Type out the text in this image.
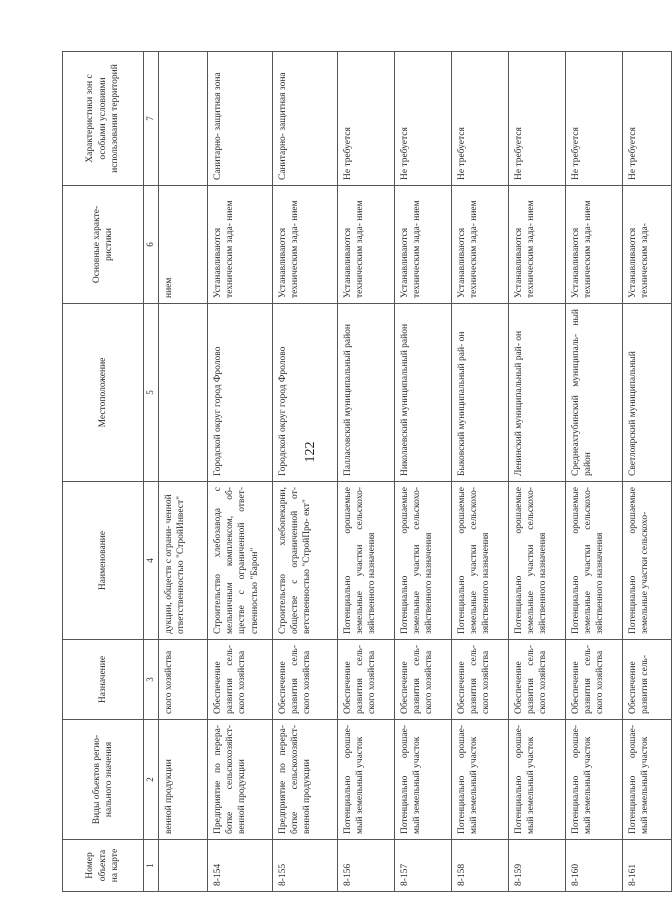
122
Номер объекта на карте	Виды объектов регио- нального значения	Назначение	Наименование	Местоположение	Основные характе- ристики	Характеристики зон с особыми условиями использования территорий
1	2	3	4	5	6	7
	венной продукции	ского хозяйства	дукции, обществ с ограни- ченной ответственностью "СтройИнвест"		нием	
8-154	Предприятие по перера- ботке сельскохозяйст- венной продукции	Обеспечение развития сель- ского хозяйства	Строительство хлебозавода с мельничным комплексом, об- ществе с ограниченной ответ- ственностью "Барон"	Городской округ город Фролово	Устанавливаются техническим зада- нием	Санитарно- защитная зона
8-155	Предприятие по перера- ботке сельскохозяйст- венной продукции	Обеспечение развития сель- ского хозяйства	Строительство хлебопекарни, обществе с ограниченной от- ветственностью "СтройПро- ект"	Городской округ город Фролово	Устанавливаются техническим зада- нием	Санитарно- защитная зона
8-156	Потенциально орошае- мый земельный участок	Обеспечение развития сель- ского хозяйства	Потенциально орошаемые земельные участки сельскохо- зяйственного назначения	Палласовский муниципальный район	Устанавливаются техническим зада- нием	Не требуется
8-157	Потенциально орошае- мый земельный участок	Обеспечение развития сель- ского хозяйства	Потенциально орошаемые земельные участки сельскохо- зяйственного назначения	Николаевский муниципальный район	Устанавливаются техническим зада- нием	Не требуется
8-158	Потенциально орошае- мый земельный участок	Обеспечение развития сель- ского хозяйства	Потенциально орошаемые земельные участки сельскохо- зяйственного назначения	Быковский муниципальный рай- он	Устанавливаются техническим зада- нием	Не требуется
8-159	Потенциально орошае- мый земельный участок	Обеспечение развития сель- ского хозяйства	Потенциально орошаемые земельные участки сельскохо- зяйственного назначения	Ленинский муниципальный рай- он	Устанавливаются техническим зада- нием	Не требуется
8-160	Потенциально орошае- мый земельный участок	Обеспечение развития сель- ского хозяйства	Потенциально орошаемые земельные участки сельскохо- зяйственного назначения	Среднеахтубинский муниципаль- ный район	Устанавливаются техническим зада- нием	Не требуется
8-161	Потенциально орошае- мый земельный участок	Обеспечение развития сель-	Потенциально орошаемые земельные участки сельскохо-	Светлоярский муниципальный	Устанавливаются техническим зада-	Не требуется
